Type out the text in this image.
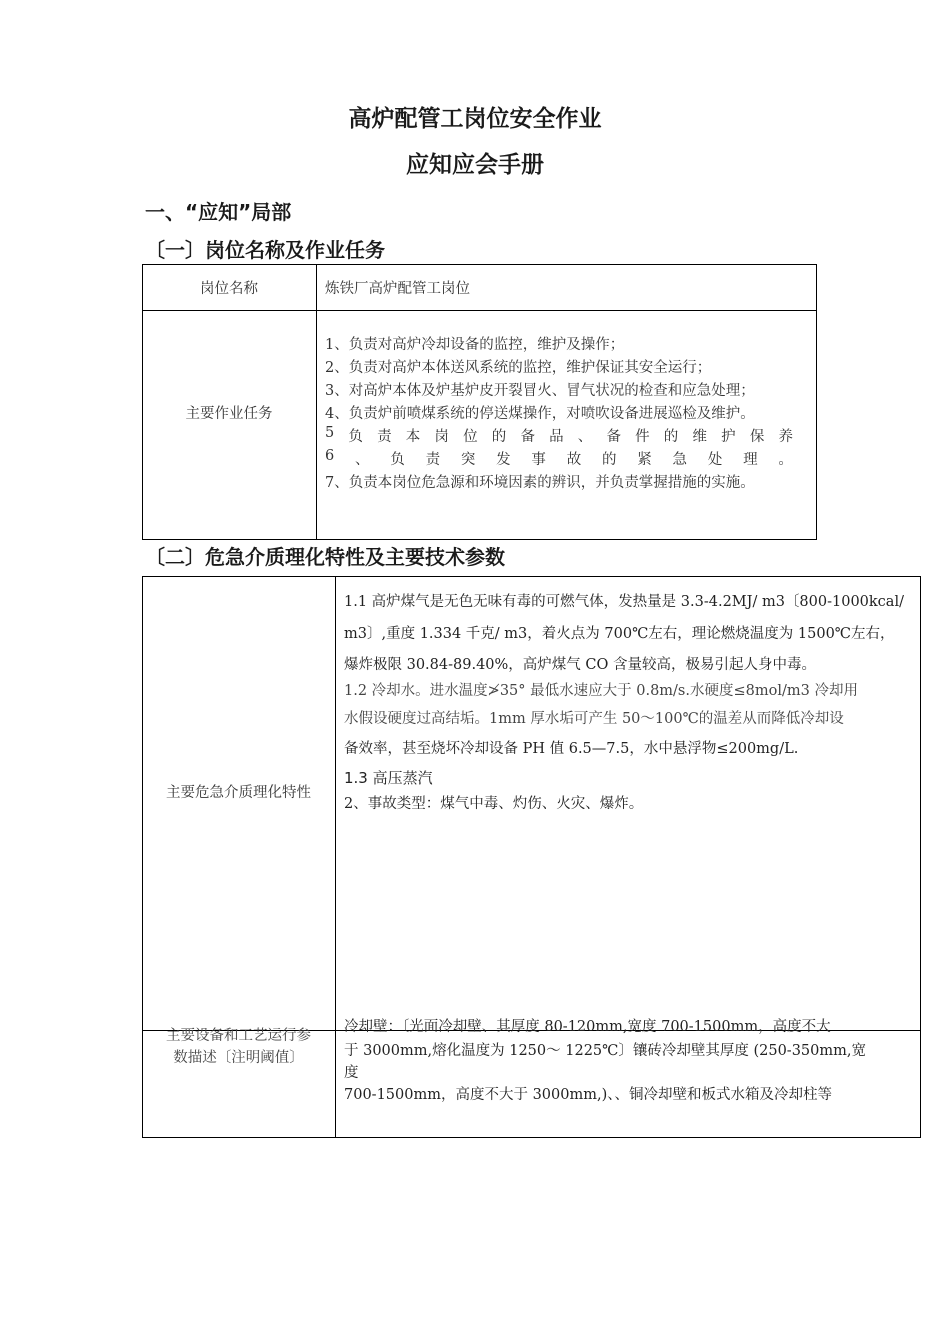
高炉配管工岗位安全作业
应知应会手册
一、“应知”局部
〔一〕岗位名称及作业任务
岗位名称	炼铁厂高炉配管工岗位
主要作业任务
1、负责对高炉冷却设备的监控，维护及操作；
2、负责对高炉本体送风系统的监控，维护保证其安全运行；
3、对高炉本体及炉基炉皮开裂冒火、冒气状况的检查和应急处理；
4、负责炉前喷煤系统的停送煤操作，对喷吹设备进展巡检及维护。
5 负 责 本 岗 位 的 备 品 、 备 件 的 维 护 保 养
6 、 负 责 突 发 事 故 的 紧 急 处 理 。
7、负责本岗位危急源和环境因素的辨识，并负责掌握措施的实施。
〔二〕危急介质理化特性及主要技术参数
主要危急介质理化特性
1.1 高炉煤气是无色无味有毒的可燃气体，发热量是 3.3-4.2MJ/ m3〔800-1000kcal/
m3〕,重度 1.334 千克/ m3，着火点为 700℃左右，理论燃烧温度为 1500℃左右，
爆炸极限 30.84-89.40%，高炉煤气 CO 含量较高，极易引起人身中毒。
1.2 冷却水。进水温度≯35° 最低水速应大于 0.8m/s.水硬度≤8mol/m3 冷却用
水假设硬度过高结垢。1mm 厚水垢可产生 50～100℃的温差从而降低冷却设
备效率，甚至烧坏冷却设备 PH 值 6.5—7.5，水中悬浮物≤200mg/L.
1.3 高压蒸汽
2、事故类型：煤气中毒、灼伤、火灾、爆炸。
主要设备和工艺运行参
数描述〔注明阈值〕
冷却壁：〔光面冷却壁、其厚度 80-120mm,宽度 700-1500mm，高度不大
于 3000mm,熔化温度为 1250～ 1225℃〕镶砖冷却壁其厚度 (250-350mm,宽
度
700-1500mm，高度不大于 3000mm,)、、铜冷却壁和板式水箱及冷却柱等
